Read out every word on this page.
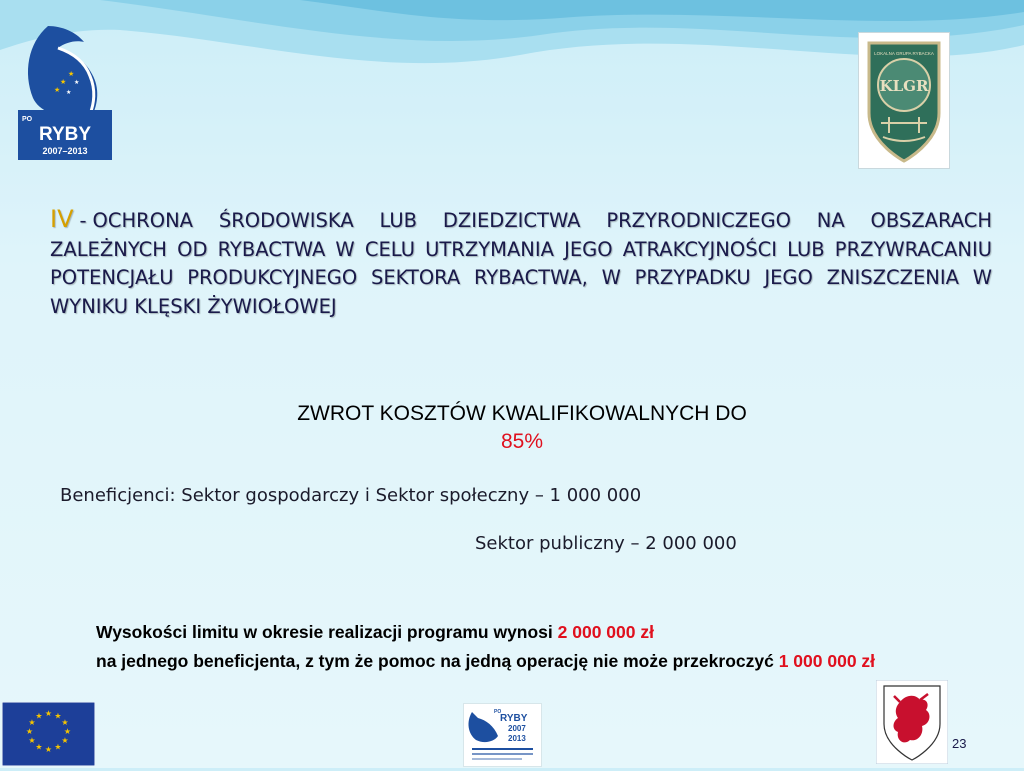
★
★
★
★
★
PO
RYBY
2007–2013
KLGR
LOKALNA GRUPA RYBACKA
IV - OCHRONA ŚRODOWISKA LUB DZIEDZICTWA PRZYRODNICZEGO NA OBSZARACH ZALEŻNYCH OD RYBACTWA W CELU UTRZYMANIA JEGO ATRAKCYJNOŚCI LUB PRZYWRACANIU POTENCJAŁU PRODUKCYJNEGO SEKTORA RYBACTWA, W PRZYPADKU JEGO ZNISZCZENIA W WYNIKU KLĘSKI ŻYWIOŁOWEJ
ZWROT KOSZTÓW KWALIFIKOWALNYCH DO
85%
Beneficjenci: Sektor gospodarczy i Sektor społeczny – 1 000 000
Sektor publiczny – 2 000 000
Wysokości limitu w okresie realizacji programu wynosi 2 000 000 zł
na jednego beneficjenta, z tym że pomoc na jedną operację nie może przekroczyć 1 000 000 zł
★ ★
★
★
★
★
★
★
★
★
★
★	PO
RYBY
2007
2013	23
